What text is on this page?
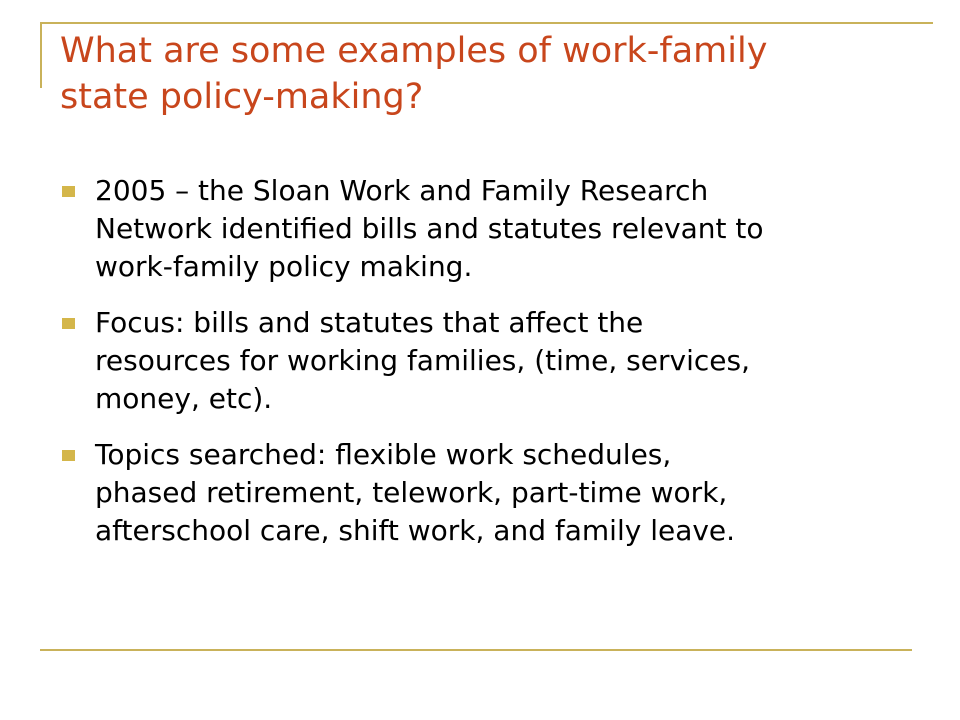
What are some examples of work-family
state policy-making?
2005 – the Sloan Work and Family Research
Network identified bills and statutes relevant to
work-family policy making.
Focus: bills and statutes that affect the
resources for working families, (time, services,
money, etc).
Topics searched: flexible work schedules,
phased retirement, telework, part-time work,
afterschool care, shift work, and family leave.
